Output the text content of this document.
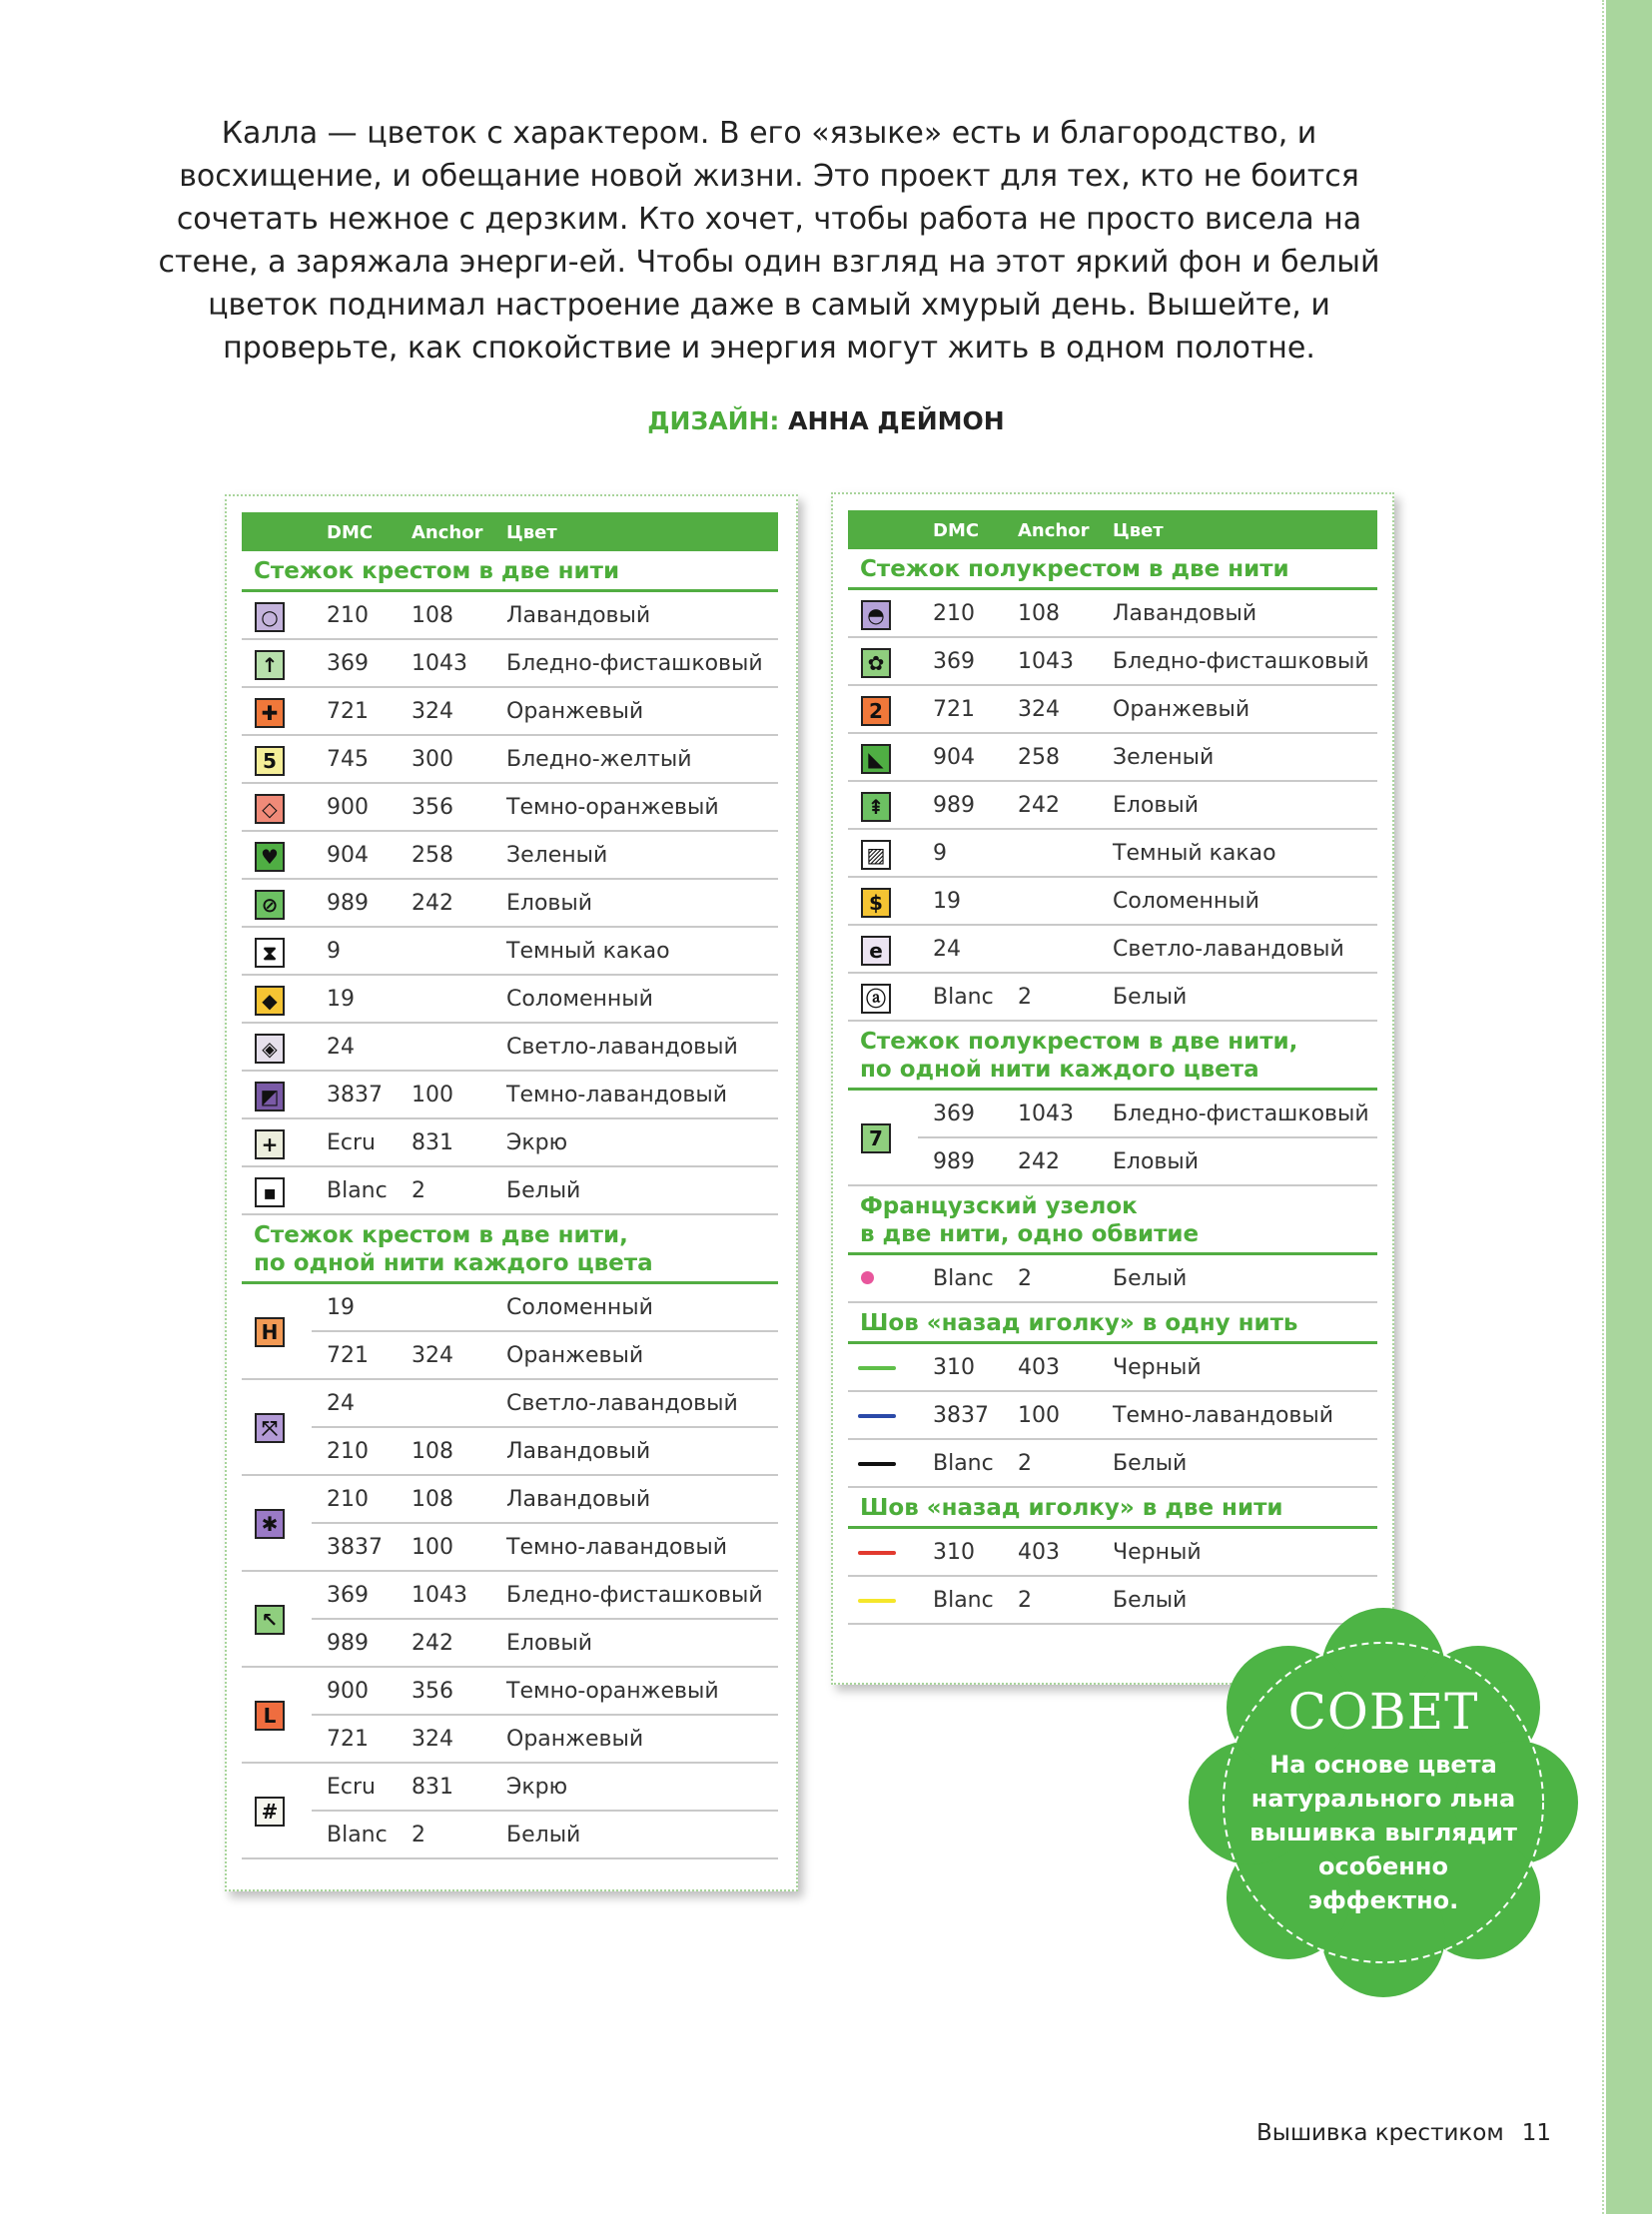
Калла — цветок с характером. В его «языке» есть и благородство, и восхищение, и обещание новой жизни. Это проект для тех, кто не боится сочетать нежное с дерзким. Кто хочет, чтобы работа не просто висела на стене, а заряжала энерги-ей. Чтобы один взгляд на этот яркий фон и белый цветок поднимал настроение даже в самый хмурый день. Вышейте, и проверьте, как спокойствие и энергия могут жить в одном полотне.
ДИЗАЙН: АННА ДЕЙМОН
DMC Anchor Цвет
Стежок крестом в две нити
○ 210 108 Лавандовый
↑	369 1043 Бледно-фисташковый
✚	721 324 Оранжевый
5	745 300 Бледно-желтый
◇	900 356 Темно-оранжевый
♥ 904 258 Зеленый
⊘	989 242 Еловый
⧗	9	Темный какао
◆	19	Соломенный
◈	24	Светло-лавандовый
◩ 3837 100 Темно-лавандовый
+	Ecru 831 Экрю
▪	Blanc 2	Белый
Стежок крестом в две нити,
по одной нити каждого цвета
H
19	Соломенный
721 324 Оранжевый
⤧
24	Светло-лавандовый
210 108 Лавандовый
✱
210 108 Лавандовый
3837 100 Темно-лавандовый
↖
369 1043 Бледно-фисташковый
989 242 Еловый
L
900 356 Темно-оранжевый
721 324 Оранжевый
#
Ecru 831 Экрю
Blanc 2	Белый
DMC Anchor Цвет
Стежок полукрестом в две нити
◓ 210 108 Лавандовый
✿	369 1043 Бледно-фисташковый
2	721 324 Оранжевый
◣	904 258 Зеленый
⇞	989 242 Еловый
▨ 9	Темный какао
$	19	Соломенный
e	24	Светло-лавандовый
ⓐ Blanc 2	Белый
Стежок полукрестом в две нити,
по одной нити каждого цвета
7
369 1043 Бледно-фисташковый
989 242 Еловый
Французский узелок
в две нити, одно обвитие
Blanc 2	Белый
Шов «назад иголку» в одну нить
310 403 Черный
3837 100 Темно-лавандовый
Blanc 2	Белый
Шов «назад иголку» в две нити
310 403 Черный
Blanc 2	Белый
СОВЕТ
На основе цвета натурального льна вышивка выглядит особенно эффектно.
Вышивка крестиком 11
